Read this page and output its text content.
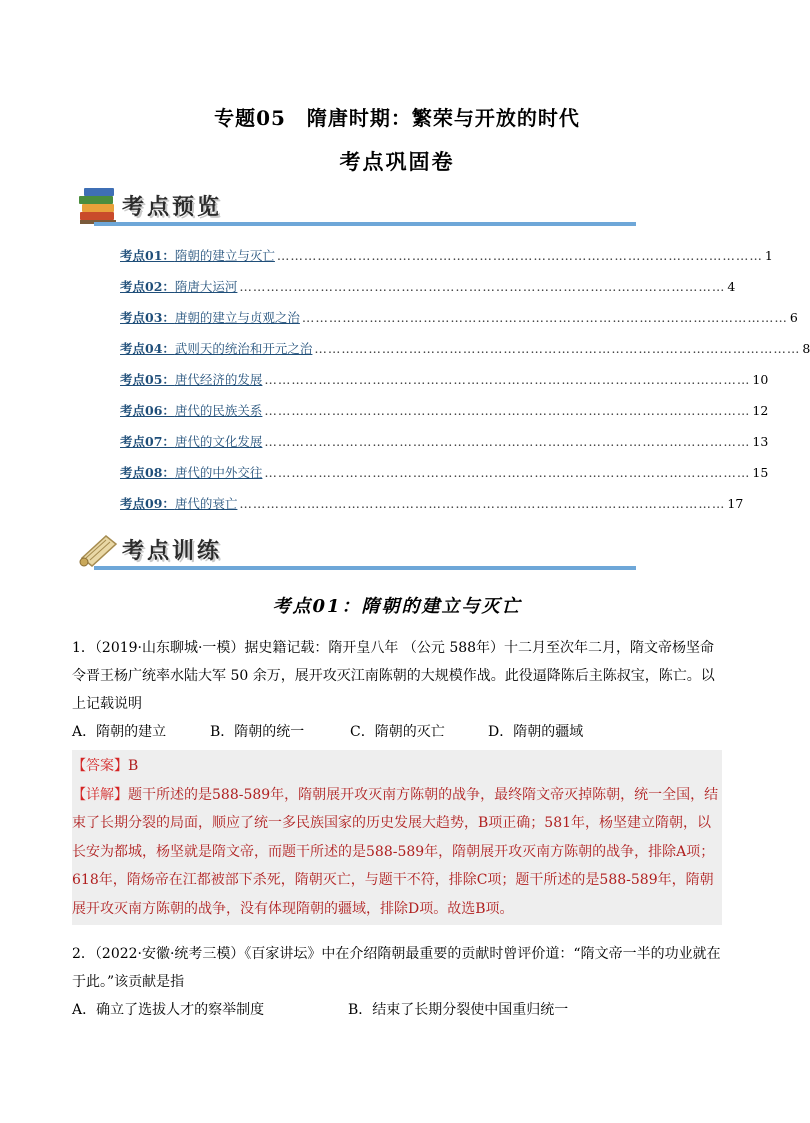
专题05　隋唐时期：繁荣与开放的时代
考点巩固卷
考点预览
考点01： 隋朝的建立与灭亡 ……………………………………………………………………………………………… 1
考点02： 隋唐大运河 ……………………………………………………………………………………………… 4
考点03： 唐朝的建立与贞观之治 ……………………………………………………………………………………………… 6
考点04： 武则天的统治和开元之治 ……………………………………………………………………………………………… 8
考点05： 唐代经济的发展 ……………………………………………………………………………………………… 10
考点06： 唐代的民族关系 ……………………………………………………………………………………………… 12
考点07： 唐代的文化发展 ……………………………………………………………………………………………… 13
考点08： 唐代的中外交往 ……………………………………………………………………………………………… 15
考点09： 唐代的衰亡 ……………………………………………………………………………………………… 17
考点训练
考点01：隋朝的建立与灭亡
1．（2019·山东聊城·一模）据史籍记载：隋开皇八年 （公元 588年）十二月至次年二月，隋文帝杨坚命令晋王杨广统率水陆大军 50 余万，展开攻灭江南陈朝的大规模作战。此役逼降陈后主陈叔宝，陈亡。以上记载说明
A．隋朝的建立	B．隋朝的统一	C．隋朝的灭亡	D．隋朝的疆域
【答案】B
【详解】题干所述的是588-589年，隋朝展开攻灭南方陈朝的战争，最终隋文帝灭掉陈朝，统一全国，结束了长期分裂的局面，顺应了统一多民族国家的历史发展大趋势，B项正确；581年，杨坚建立隋朝，以长安为都城，杨坚就是隋文帝，而题干所述的是588-589年，隋朝展开攻灭南方陈朝的战争，排除A项；618年，隋炀帝在江都被部下杀死，隋朝灭亡，与题干不符，排除C项；题干所述的是588-589年，隋朝展开攻灭南方陈朝的战争，没有体现隋朝的疆域，排除D项。故选B项。
2．（2022·安徽·统考三模）《百家讲坛》中在介绍隋朝最重要的贡献时曾评价道：“隋文帝一半的功业就在于此。”该贡献是指
A．确立了选拔人才的察举制度	B．结束了长期分裂使中国重归统一
